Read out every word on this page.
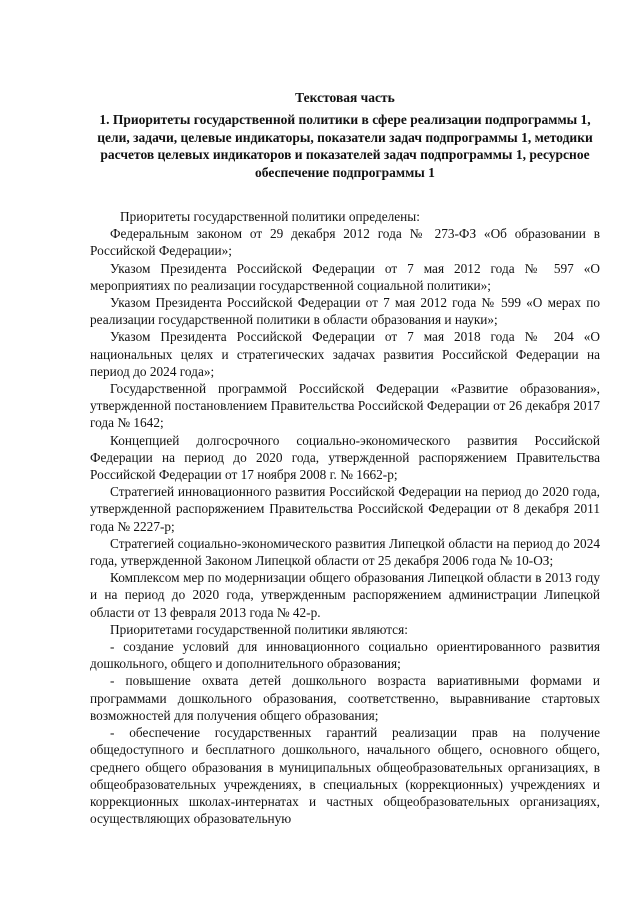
Текстовая часть

1. Приоритеты государственной политики в сфере реализации подпрограммы 1, цели, задачи, целевые индикаторы, показатели задач подпрограммы 1, методики расчетов целевых индикаторов и показателей задач подпрограммы 1, ресурсное обеспечение подпрограммы 1

Приоритеты государственной политики определены:

Федеральным законом от 29 декабря 2012 года № 273-ФЗ «Об образовании в Российской Федерации»;

Указом Президента Российской Федерации от 7 мая 2012 года № 597 «О мероприятиях по реализации государственной социальной политики»;

Указом Президента Российской Федерации от 7 мая 2012 года № 599 «О мерах по реализации государственной политики в области образования и науки»;

Указом Президента Российской Федерации от 7 мая 2018 года № 204 «О национальных целях и стратегических задачах развития Российской Федерации на период до 2024 года»;

Государственной программой Российской Федерации «Развитие образования», утвержденной постановлением Правительства Российской Федерации от 26 декабря 2017 года № 1642;

Концепцией долгосрочного социально-экономического развития Российской Федерации на период до 2020 года, утвержденной распоряжением Правительства Российской Федерации от 17 ноября 2008 г. № 1662-р;

Стратегией инновационного развития Российской Федерации на период до 2020 года, утвержденной распоряжением Правительства Российской Федерации от 8 декабря 2011 года № 2227-р;

Стратегией социально-экономического развития Липецкой области на период до 2024 года, утвержденной Законом Липецкой области от 25 декабря 2006 года № 10-ОЗ;

Комплексом мер по модернизации общего образования Липецкой области в 2013 году и на период до 2020 года, утвержденным распоряжением администрации Липецкой области от 13 февраля 2013 года № 42-р.

Приоритетами государственной политики являются:

- создание условий для инновационного социально ориентированного развития дошкольного, общего и дополнительного образования;

- повышение охвата детей дошкольного возраста вариативными формами и программами дошкольного образования, соответственно, выравнивание стартовых возможностей для получения общего образования;

- обеспечение государственных гарантий реализации прав на получение общедоступного и бесплатного дошкольного, начального общего, основного общего, среднего общего образования в муниципальных общеобразовательных организациях, в общеобразовательных учреждениях, в специальных (коррекционных) учреждениях и коррекционных школах-интернатах и частных общеобразовательных организациях, осуществляющих образовательную
